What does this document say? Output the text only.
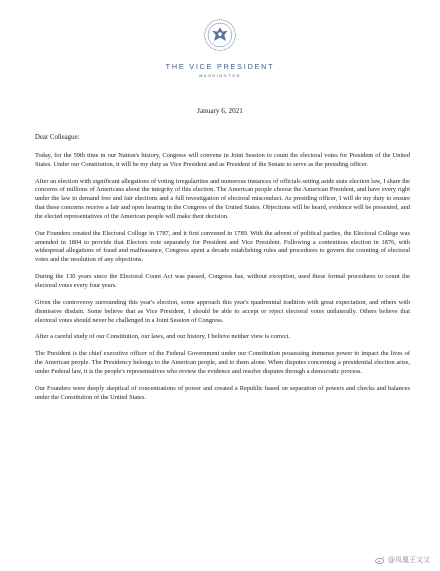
THE VICE PRESIDENT
WASHINGTON
January 6, 2021

Dear Colleague:

Today, for the 59th time in our Nation's history, Congress will convene in Joint Session to count the electoral votes for President of the United States. Under our Constitution, it will be my duty as Vice President and as President of the Senate to serve as the presiding officer.

After an election with significant allegations of voting irregularities and numerous instances of officials setting aside state election law, I share the concerns of millions of Americans about the integrity of this election. The American people choose the American President, and have every right under the law to demand free and fair elections and a full investigation of electoral misconduct. As presiding officer, I will do my duty to ensure that these concerns receive a fair and open hearing in the Congress of the United States. Objections will be heard, evidence will be presented, and the elected representatives of the American people will make their decision.

Our Founders created the Electoral College in 1787, and it first convened in 1789. With the advent of political parties, the Electoral College was amended in 1804 to provide that Electors vote separately for President and Vice President. Following a contentious election in 1876, with widespread allegations of fraud and malfeasance, Congress spent a decade establishing rules and procedures to govern the counting of electoral votes and the resolution of any objections.

During the 130 years since the Electoral Count Act was passed, Congress has, without exception, used these formal procedures to count the electoral votes every four years.

Given the controversy surrounding this year's election, some approach this year's quadrennial tradition with great expectation, and others with dismissive disdain. Some believe that as Vice President, I should be able to accept or reject electoral votes unilaterally. Others believe that electoral votes should never be challenged in a Joint Session of Congress.

After a careful study of our Constitution, our laws, and our history, I believe neither view is correct.

The President is the chief executive officer of the Federal Government under our Constitution possessing immense power to impact the lives of the American people. The Presidency belongs to the American people, and to them alone. When disputes concerning a presidential election arise, under Federal law, it is the people's representatives who review the evidence and resolve disputes through a democratic process.

Our Founders were deeply skeptical of concentrations of power and created a Republic based on separation of powers and checks and balances under the Constitution of the United States.

@凤凰王又又
